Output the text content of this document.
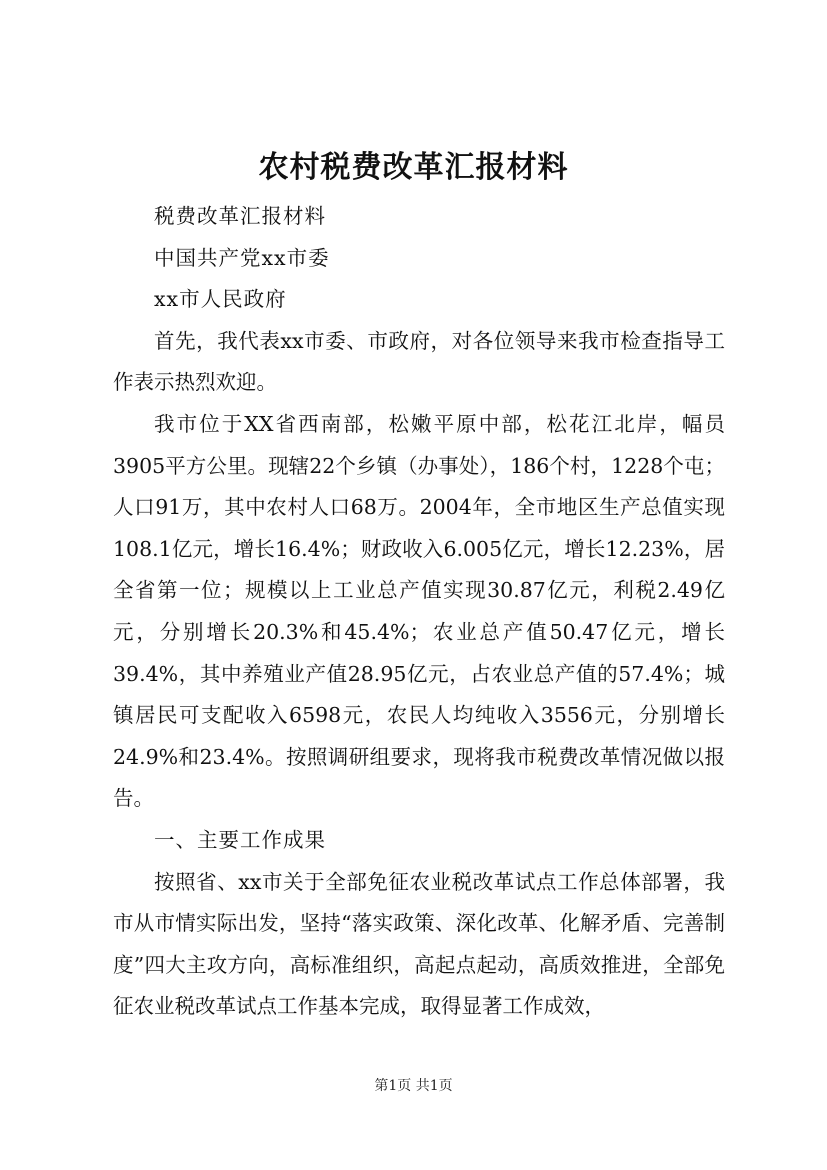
农村税费改革汇报材料

税费改革汇报材料

中国共产党xx市委

xx市人民政府

首先，我代表xx市委、市政府，对各位领导来我市检查指导工作表示热烈欢迎。

我市位于XX省西南部，松嫩平原中部，松花江北岸，幅员3905平方公里。现辖22个乡镇（办事处），186个村，1228个屯；人口91万，其中农村人口68万。2004年，全市地区生产总值实现108.1亿元，增长16.4%；财政收入6.005亿元，增长12.23%，居全省第一位；规模以上工业总产值实现30.87亿元，利税2.49亿元，分别增长20.3%和45.4%；农业总产值50.47亿元，增长39.4%，其中养殖业产值28.95亿元，占农业总产值的57.4%；城镇居民可支配收入6598元，农民人均纯收入3556元，分别增长24.9%和23.4%。按照调研组要求，现将我市税费改革情况做以报告。

一、主要工作成果

按照省、xx市关于全部免征农业税改革试点工作总体部署，我市从市情实际出发，坚持“落实政策、深化改革、化解矛盾、完善制度”四大主攻方向，高标准组织，高起点起动，高质效推进，全部免征农业税改革试点工作基本完成，取得显著工作成效，

第1页 共1页
